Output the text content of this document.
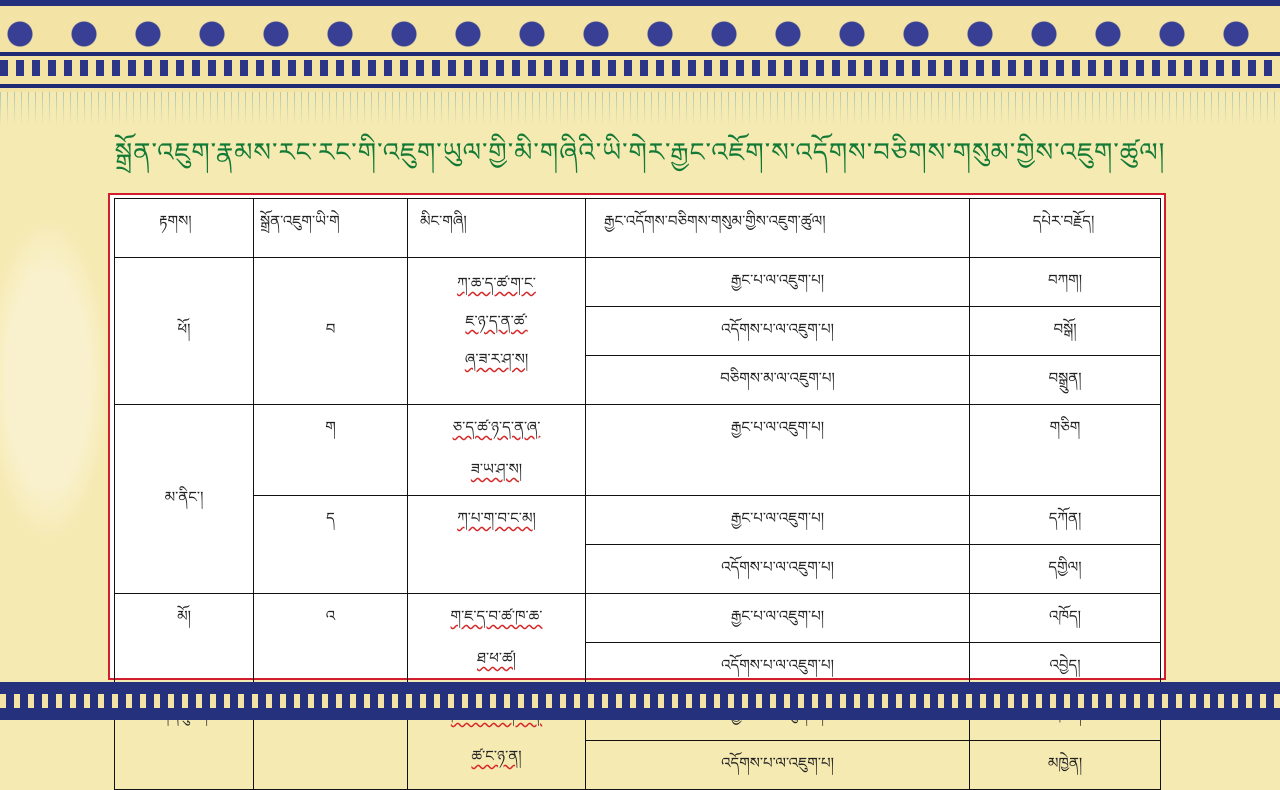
སྒྲོན་འཇུག་རྣམས་རང་རང་གི་འཇུག་ཡུལ་གྱི་མི་གཞིའི་ཡི་གེར་རྒྱང་འཇོག་ས་འདོགས་བཅིགས་གསུམ་གྱིས་འཇུག་ཚུལ།
རྟགས།	སྒྲོན་འཇུག་ཡི་གེ	མིང་གཞི།	རྒྱང་འདོགས་བཅིགས་གསུམ་གྱིས་འཇུག་ཚུལ།	དཔེར་བརྗོད།
ཕོ།	བ	ཀ་ཆ་ད་ཚ་ག་ང་
ཇ་ཉ་ད་ན་ཚ་
ཞ་ཟ་ར་ཤ་ས།	རྒྱང་པ་ལ་འཇུག་པ།	བཀག།
			འདོགས་པ་ལ་འཇུག་པ།	བསྒོ།
			བཅིགས་མ་ལ་འཇུག་པ།	བསྒྲུན།
མ་ནིང་།	ག	ཅ་ད་ཚ་ཉ་ད་ན་ཞ་
ཟ་ཡ་ཤ་ས།	རྒྱང་པ་ལ་འཇུག་པ།	གཅིག
	ད	ཀ་པ་ག་བ་ང་མ།	རྒྱང་པ་ལ་འཇུག་པ།	དཀོན།
			འདོགས་པ་ལ་འཇུག་པ།	དགྱིལ།
མོ།	འ	ག་ཇ་ད་བ་ཚ་ཁ་ཆ་
ཐ་ཕ་ཚ།	རྒྱང་པ་ལ་འཇུག་པ།	འཁོད།
			འདོགས་པ་ལ་འཇུག་པ།	འབྱེད།

ཚ་ང་ཉ་ན།

			འདོགས་པ་ལ་འཇུག་པ།	མཁྱེན།
